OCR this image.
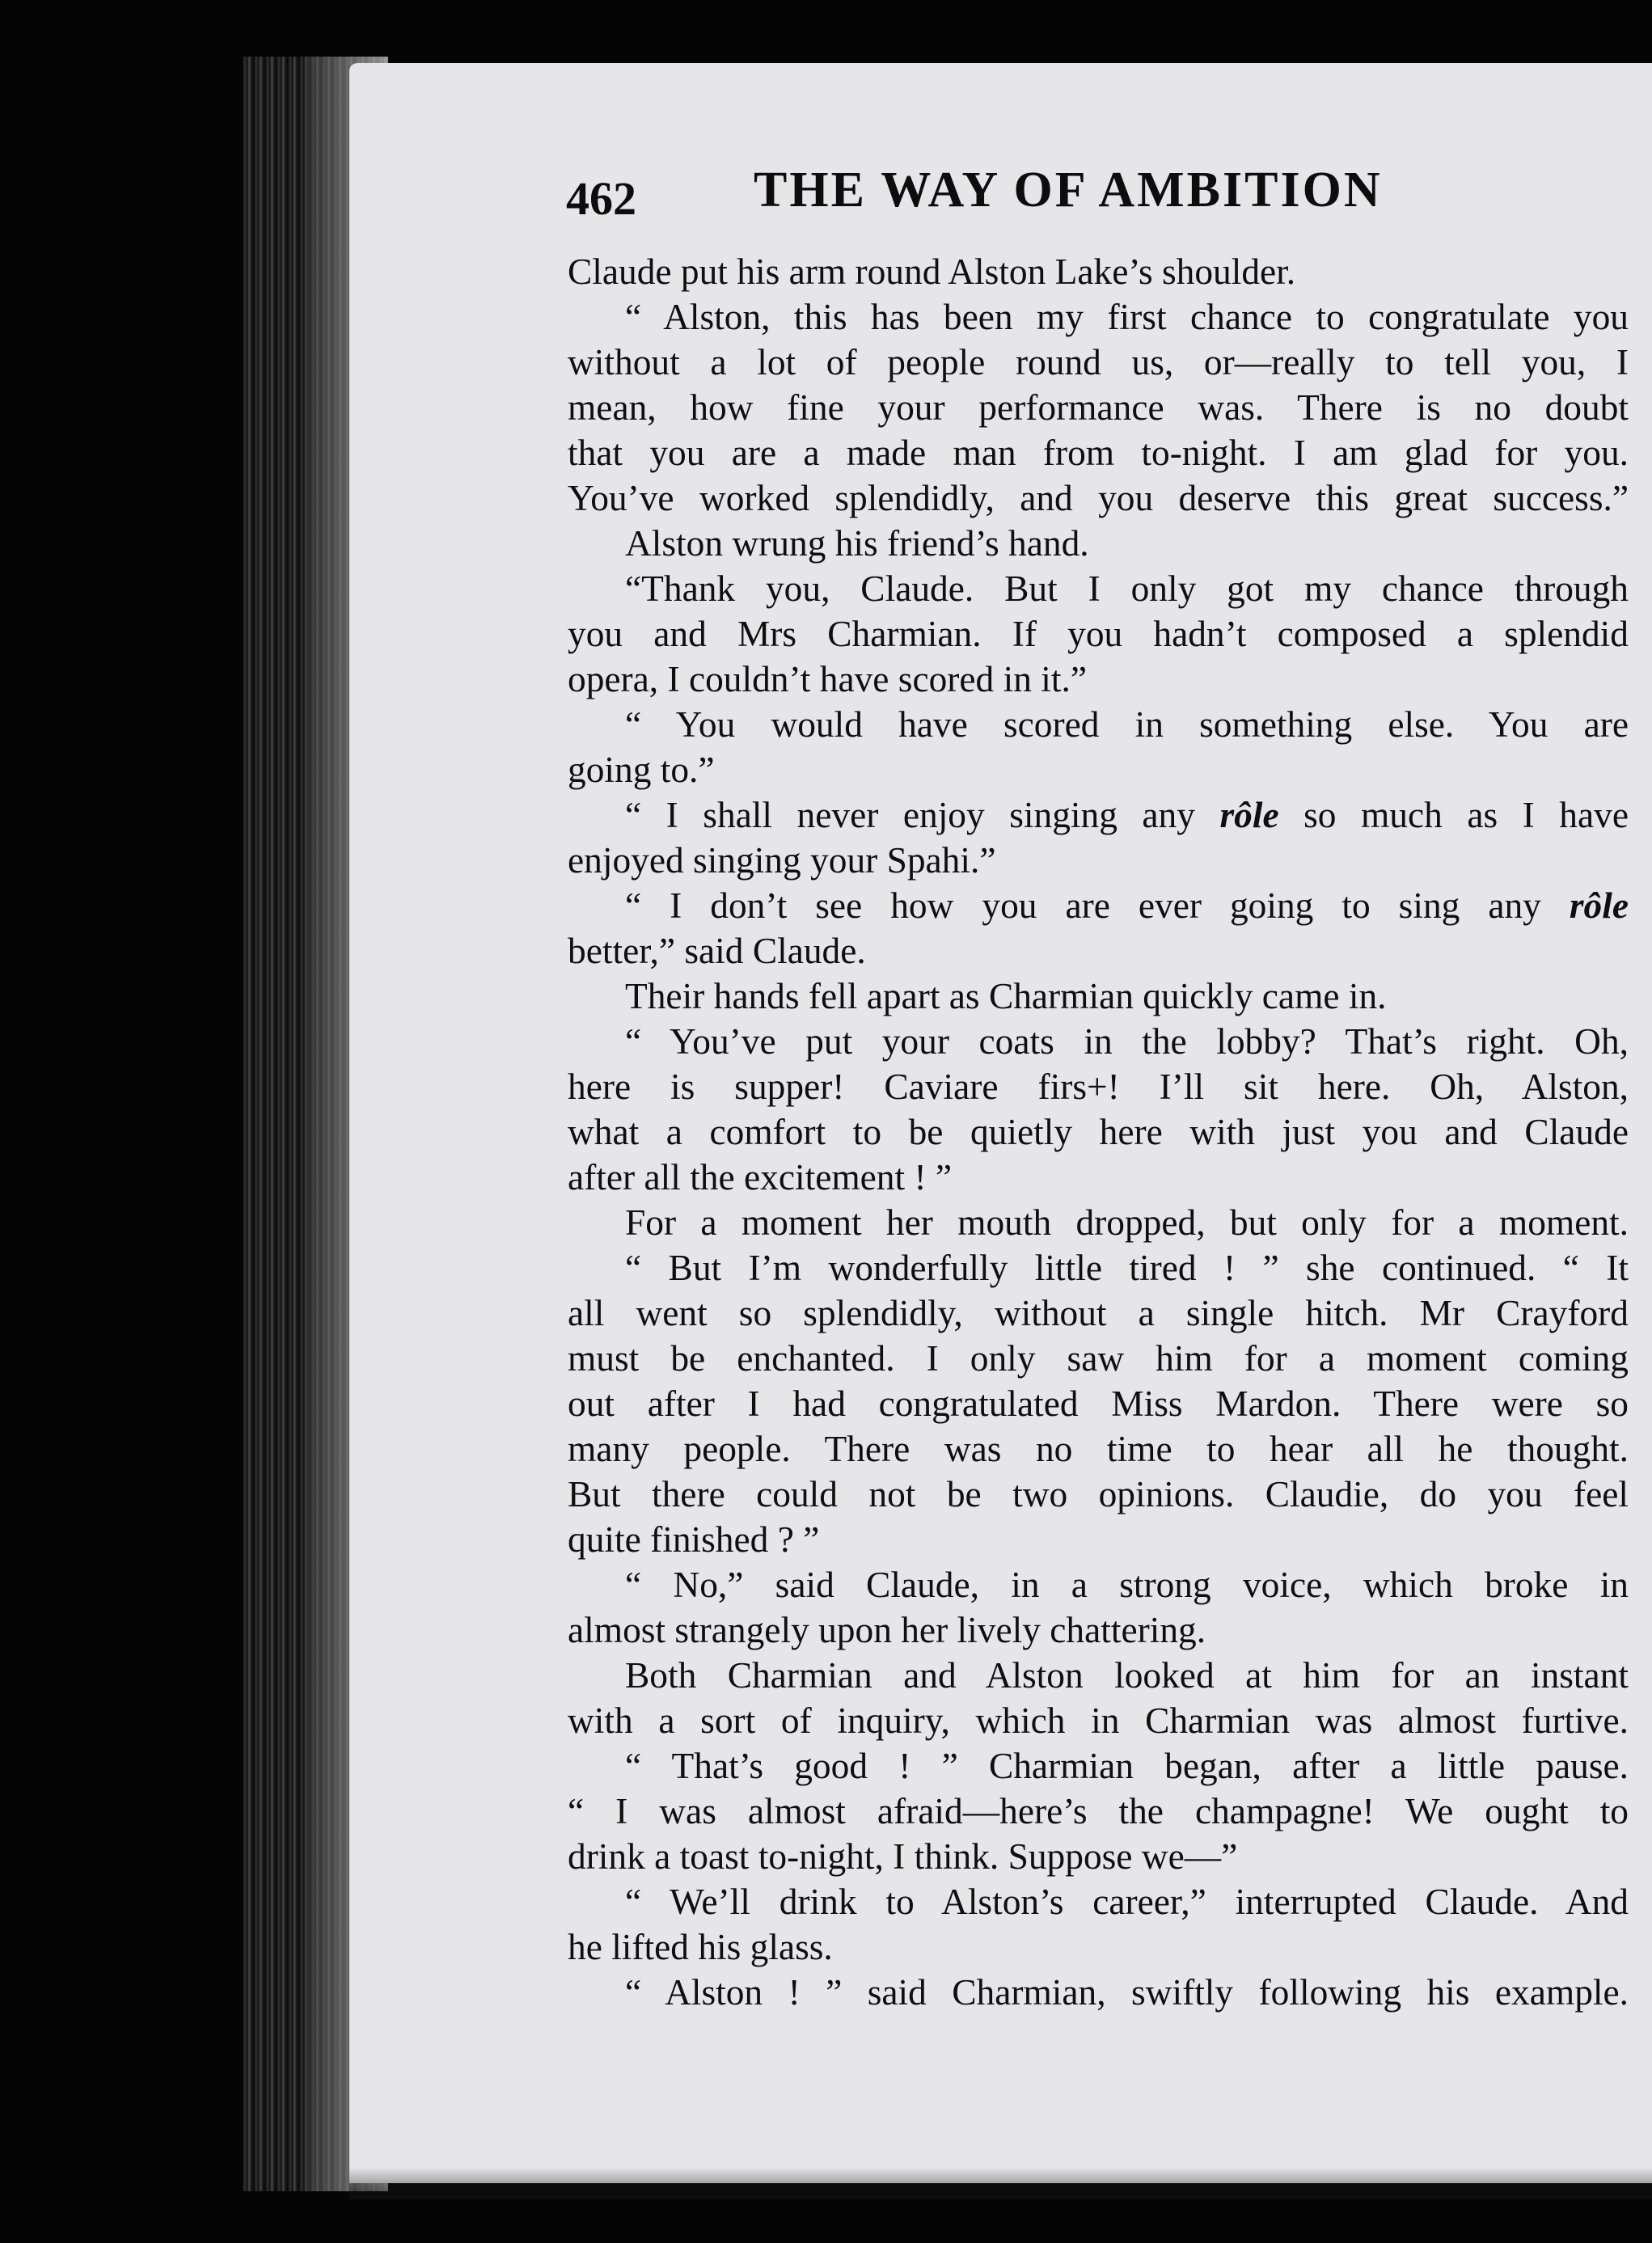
462 THE WAY OF AMBITION
Claude put his arm round Alston Lake’s shoulder.
“ Alston, this has been my first chance to congratulate you
without a lot of people round us, or—really to tell you, I
mean, how fine your performance was. There is no doubt
that you are a made man from to-night. I am glad for you.
You’ve worked splendidly, and you deserve this great success.”
Alston wrung his friend’s hand.
“Thank you, Claude. But I only got my chance through
you and Mrs Charmian. If you hadn’t composed a splendid
opera, I couldn’t have scored in it.”
“ You would have scored in something else. You are
going to.”
“ I shall never enjoy singing any rôle so much as I have
enjoyed singing your Spahi.”
“ I don’t see how you are ever going to sing any rôle
better,” said Claude.
Their hands fell apart as Charmian quickly came in.
“ You’ve put your coats in the lobby? That’s right. Oh,
here is supper! Caviare firs+! I’ll sit here. Oh, Alston,
what a comfort to be quietly here with just you and Claude
after all the excitement ! ”
For a moment her mouth dropped, but only for a moment.
“ But I’m wonderfully little tired ! ” she continued. “ It
all went so splendidly, without a single hitch. Mr Crayford
must be enchanted. I only saw him for a moment coming
out after I had congratulated Miss Mardon. There were so
many people. There was no time to hear all he thought.
But there could not be two opinions. Claudie, do you feel
quite finished ? ”
“ No,” said Claude, in a strong voice, which broke in
almost strangely upon her lively chattering.
Both Charmian and Alston looked at him for an instant
with a sort of inquiry, which in Charmian was almost furtive.
“ That’s good ! ” Charmian began, after a little pause.
“ I was almost afraid—here’s the champagne! We ought to
drink a toast to-night, I think. Suppose we—”
“ We’ll drink to Alston’s career,” interrupted Claude. And
he lifted his glass.
“ Alston ! ” said Charmian, swiftly following his example.
